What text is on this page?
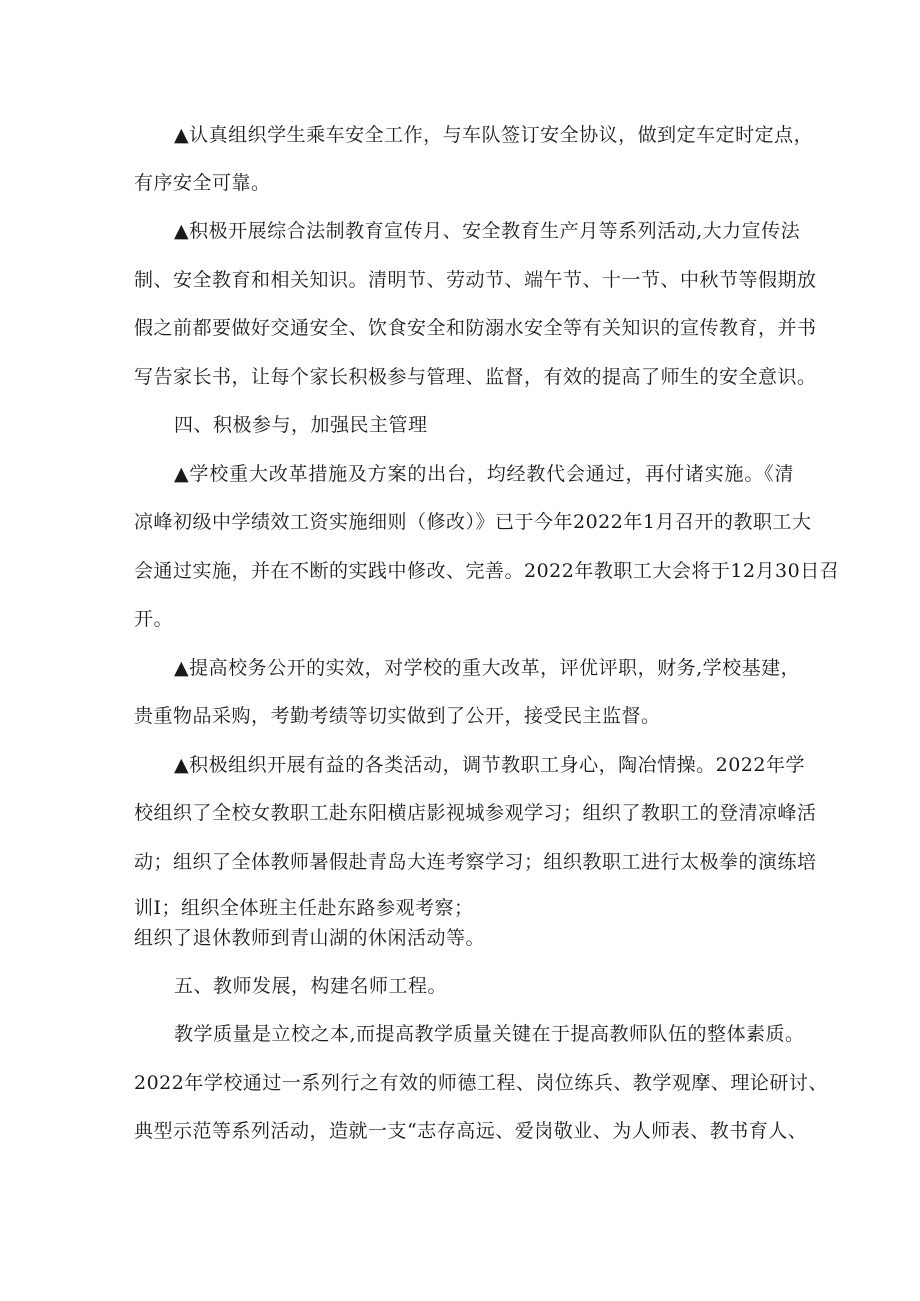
▲认真组织学生乘车安全工作，与车队签订安全协议，做到定车定时定点，
有序安全可靠。
▲积极开展综合法制教育宣传月、安全教育生产月等系列活动,大力宣传法
制、安全教育和相关知识。清明节、劳动节、端午节、十一节、中秋节等假期放
假之前都要做好交通安全、饮食安全和防溺水安全等有关知识的宣传教育，并书
写告家长书，让每个家长积极参与管理、监督，有效的提高了师生的安全意识。
四、积极参与，加强民主管理
▲学校重大改革措施及方案的出台，均经教代会通过，再付诸实施。《清
凉峰初级中学绩效工资实施细则（修改）》已于今年2022年1月召开的教职工大
会通过实施，并在不断的实践中修改、完善。2022年教职工大会将于12月30日召
开。
▲提高校务公开的实效，对学校的重大改革，评优评职，财务,学校基建，
贵重物品采购，考勤考绩等切实做到了公开，接受民主监督。
▲积极组织开展有益的各类活动，调节教职工身心，陶冶情操。2022年学
校组织了全校女教职工赴东阳横店影视城参观学习；组织了教职工的登清凉峰活
动；组织了全体教师暑假赴青岛大连考察学习；组织教职工进行太极拳的演练培
训I；组织全体班主任赴东路参观考察；
组织了退休教师到青山湖的休闲活动等。
五、教师发展，构建名师工程。
教学质量是立校之本,而提高教学质量关键在于提高教师队伍的整体素质。
2022年学校通过一系列行之有效的师德工程、岗位练兵、教学观摩、理论研讨、
典型示范等系列活动，造就一支“志存高远、爱岗敬业、为人师表、教书育人、
